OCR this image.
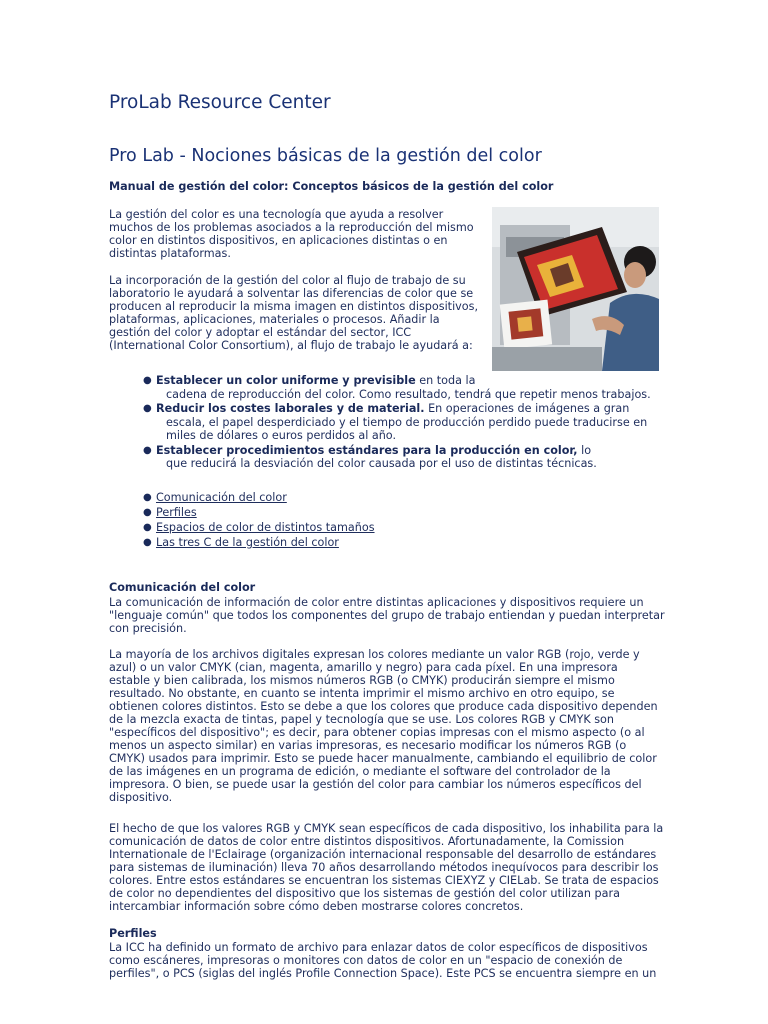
ProLab Resource Center
Pro Lab - Nociones básicas de la gestión del color
Manual de gestión del color: Conceptos básicos de la gestión del color
La gestión del color es una tecnología que ayuda a resolver
muchos de los problemas asociados a la reproducción del mismo
color en distintos dispositivos, en aplicaciones distintas o en
distintas plataformas.
La incorporación de la gestión del color al flujo de trabajo de su
laboratorio le ayudará a solventar las diferencias de color que se
producen al reproducir la misma imagen en distintos dispositivos,
plataformas, aplicaciones, materiales o procesos. Añadir la
gestión del color y adoptar el estándar del sector, ICC
(International Color Consortium), al flujo de trabajo le ayudará a:
● Establecer un color uniforme y previsible en toda la
cadena de reproducción del color. Como resultado, tendrá que repetir menos trabajos.
● Reducir los costes laborales y de material. En operaciones de imágenes a gran
escala, el papel desperdiciado y el tiempo de producción perdido puede traducirse en
miles de dólares o euros perdidos al año.
● Establecer procedimientos estándares para la producción en color, lo
que reducirá la desviación del color causada por el uso de distintas técnicas.
● Comunicación del color
● Perfiles
● Espacios de color de distintos tamaños
● Las tres C de la gestión del color
Comunicación del color
La comunicación de información de color entre distintas aplicaciones y dispositivos requiere un
"lenguaje común" que todos los componentes del grupo de trabajo entiendan y puedan interpretar
con precisión.
La mayoría de los archivos digitales expresan los colores mediante un valor RGB (rojo, verde y
azul) o un valor CMYK (cian, magenta, amarillo y negro) para cada píxel. En una impresora
estable y bien calibrada, los mismos números RGB (o CMYK) producirán siempre el mismo
resultado. No obstante, en cuanto se intenta imprimir el mismo archivo en otro equipo, se
obtienen colores distintos. Esto se debe a que los colores que produce cada dispositivo dependen
de la mezcla exacta de tintas, papel y tecnología que se use. Los colores RGB y CMYK son
"específicos del dispositivo"; es decir, para obtener copias impresas con el mismo aspecto (o al
menos un aspecto similar) en varias impresoras, es necesario modificar los números RGB (o
CMYK) usados para imprimir. Esto se puede hacer manualmente, cambiando el equilibrio de color
de las imágenes en un programa de edición, o mediante el software del controlador de la
impresora. O bien, se puede usar la gestión del color para cambiar los números específicos del
dispositivo.
El hecho de que los valores RGB y CMYK sean específicos de cada dispositivo, los inhabilita para la
comunicación de datos de color entre distintos dispositivos. Afortunadamente, la Comission
Internationale de l'Eclairage (organización internacional responsable del desarrollo de estándares
para sistemas de iluminación) lleva 70 años desarrollando métodos inequívocos para describir los
colores. Entre estos estándares se encuentran los sistemas CIEXYZ y CIELab. Se trata de espacios
de color no dependientes del dispositivo que los sistemas de gestión del color utilizan para
intercambiar información sobre cómo deben mostrarse colores concretos.
Perfiles
La ICC ha definido un formato de archivo para enlazar datos de color específicos de dispositivos
como escáneres, impresoras o monitores con datos de color en un "espacio de conexión de
perfiles", o PCS (siglas del inglés Profile Connection Space). Este PCS se encuentra siempre en un
